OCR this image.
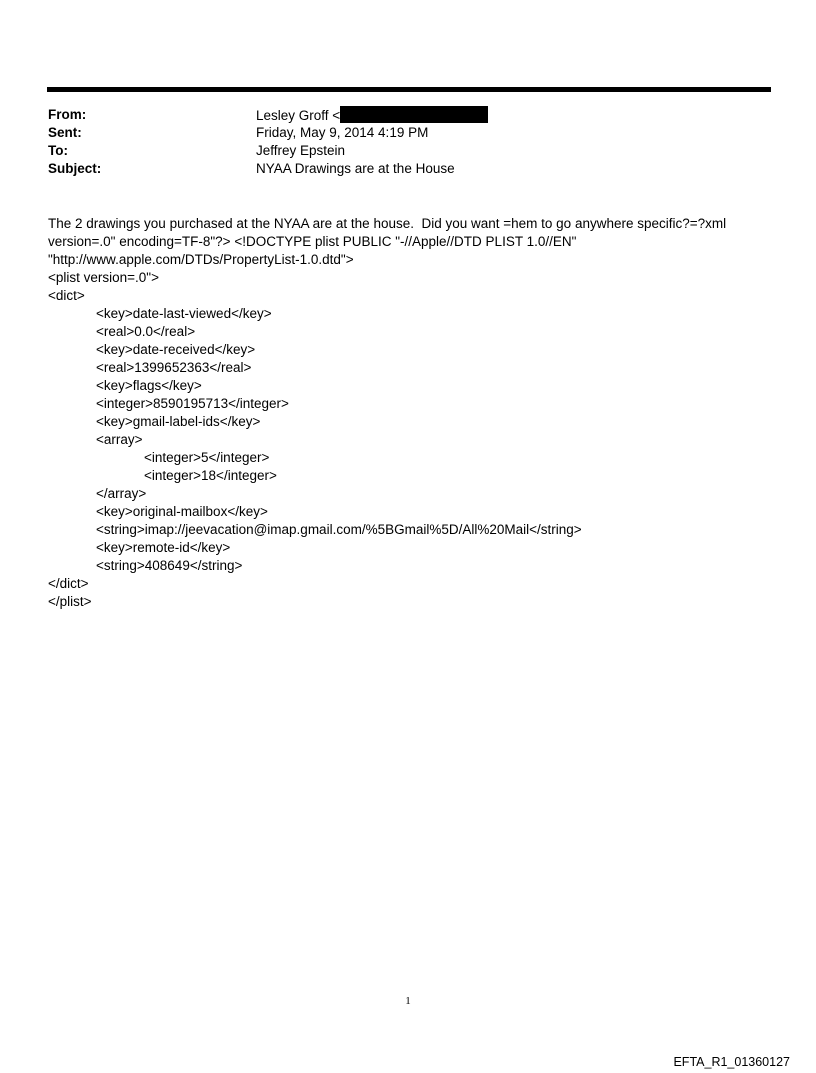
From:	Lesley Groff <
Sent:	Friday, May 9, 2014 4:19 PM
To:	Jeffrey Epstein
Subject:	NYAA Drawings are at the House
The 2 drawings you purchased at the NYAA are at the house.  Did you want =hem to go anywhere specific?=?xml
version=.0" encoding=TF-8"?> <!DOCTYPE plist PUBLIC "-//Apple//DTD PLIST 1.0//EN"
"http://www.apple.com/DTDs/PropertyList-1.0.dtd">
<plist version=.0">
<dict>
<key>date-last-viewed</key>
<real>0.0</real>
<key>date-received</key>
<real>1399652363</real>
<key>flags</key>
<integer>8590195713</integer>
<key>gmail-label-ids</key>
<array>
<integer>5</integer>
<integer>18</integer>
</array>
<key>original-mailbox</key>
<string>imap://jeevacation@imap.gmail.com/%5BGmail%5D/All%20Mail</string>
<key>remote-id</key>
<string>408649</string>
</dict>
</plist>
1
EFTA_R1_01360127
